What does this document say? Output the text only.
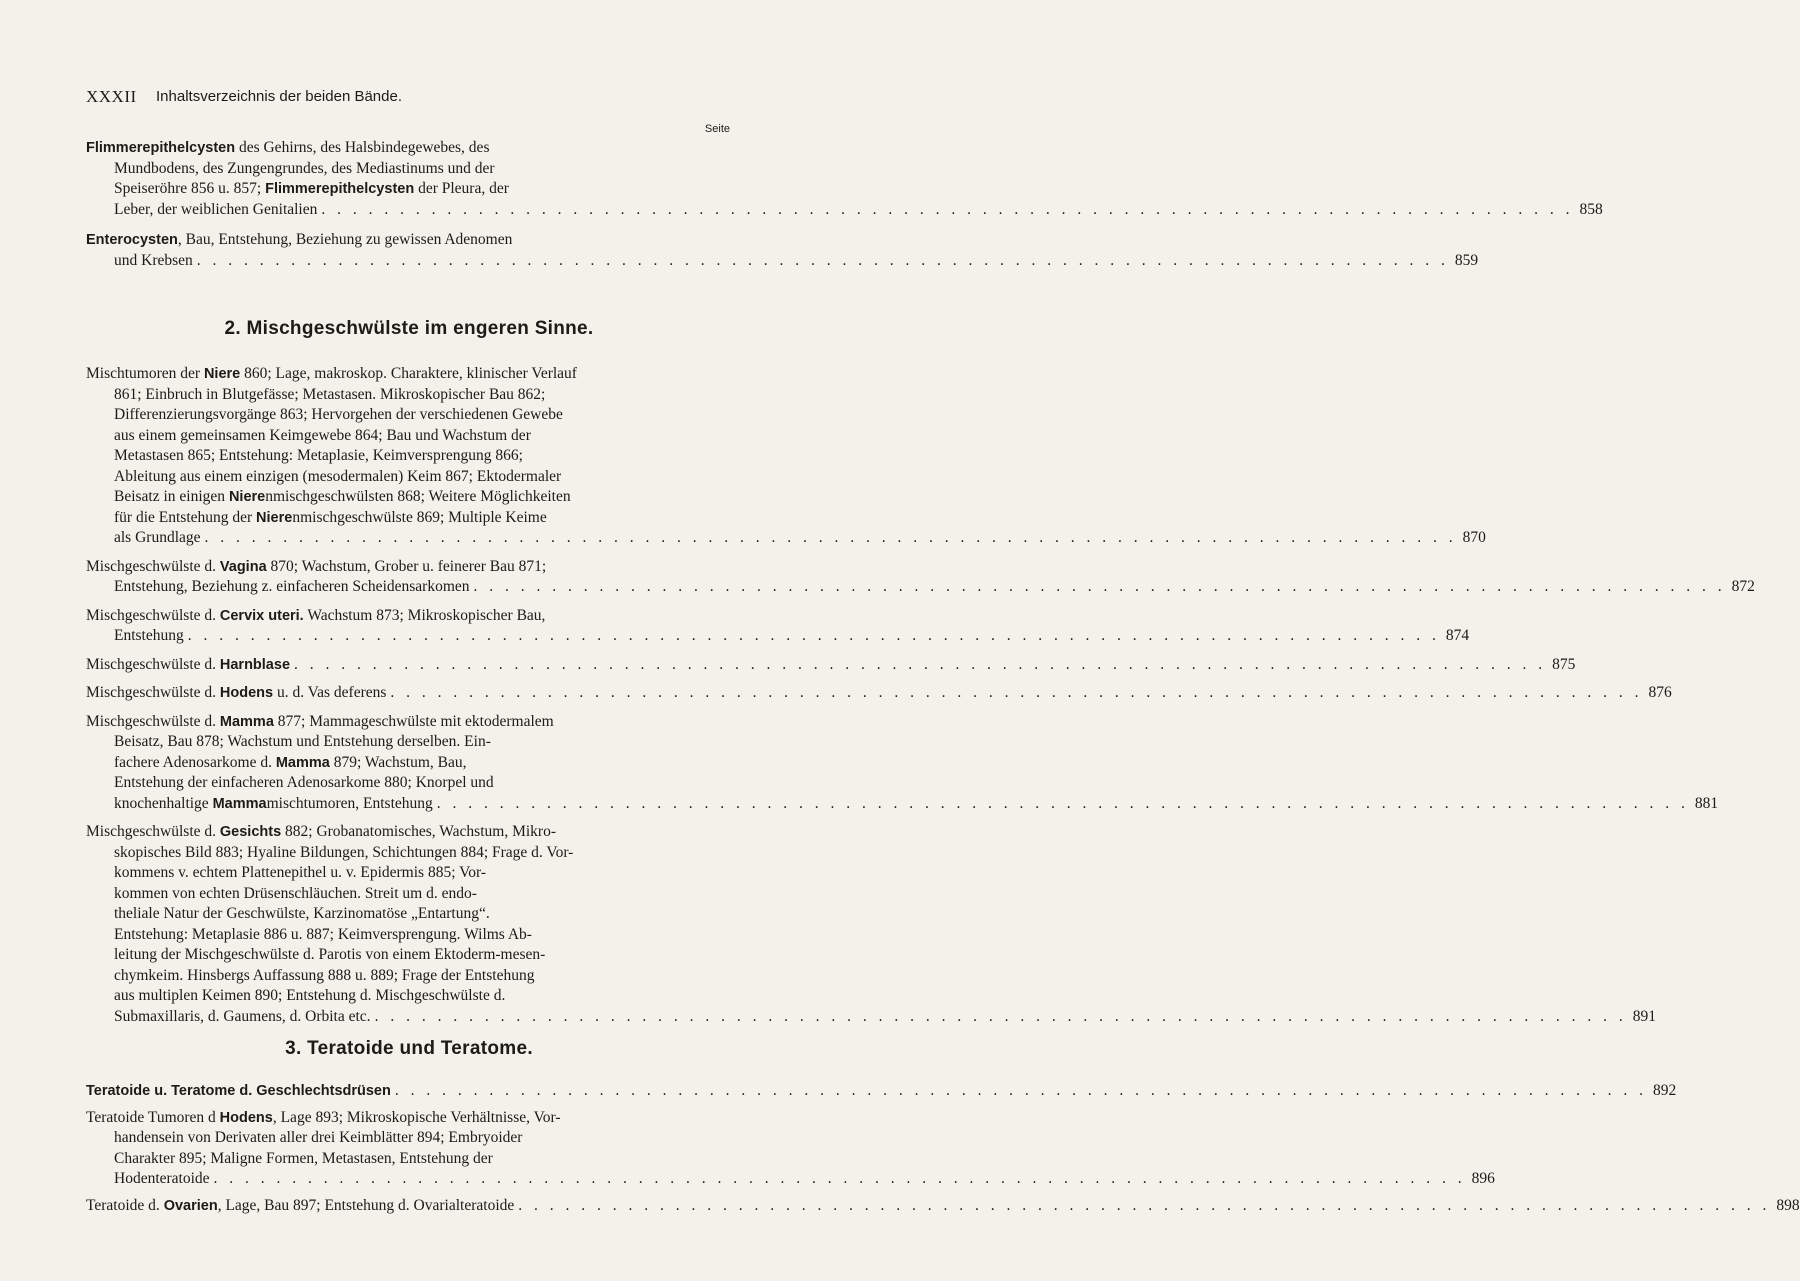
XXXII Inhaltsverzeichnis der beiden Bände.
Seite
Flimmerepithelcysten des Gehirns, des Halsbindegewebes, des
Mundbodens, des Zungengrundes, des Mediastinums und der
Speiseröhre 856 u. 857; Flimmerepithelcysten der Pleura, der
Leber, der weiblichen Genitalien . . . . . . . . . . . . . . . . . . . . . . . . . . . . . . . . . . . . . . . . . . . . . . . . . . . . . . . . . . . . . . . . . . . . . . . . . . . . . . . . 858
Enterocysten, Bau, Entstehung, Beziehung zu gewissen Adenomen
und Krebsen . . . . . . . . . . . . . . . . . . . . . . . . . . . . . . . . . . . . . . . . . . . . . . . . . . . . . . . . . . . . . . . . . . . . . . . . . . . . . . . . 859
2. Mischgeschwülste im engeren Sinne.
Mischtumoren der Niere 860; Lage, makroskop. Charaktere, klinischer Verlauf
861; Einbruch in Blutgefässe; Metastasen. Mikroskopischer Bau 862;
Differenzierungsvorgänge 863; Hervorgehen der verschiedenen Gewebe
aus einem gemeinsamen Keimgewebe 864; Bau und Wachstum der
Metastasen 865; Entstehung: Metaplasie, Keimversprengung 866;
Ableitung aus einem einzigen (mesodermalen) Keim 867; Ektodermaler
Beisatz in einigen Nierenmischgeschwülsten 868; Weitere Möglichkeiten
für die Entstehung der Nierenmischgeschwülste 869; Multiple Keime
als Grundlage . . . . . . . . . . . . . . . . . . . . . . . . . . . . . . . . . . . . . . . . . . . . . . . . . . . . . . . . . . . . . . . . . . . . . . . . . . . . . . . . 870
Mischgeschwülste d. Vagina 870; Wachstum, Grober u. feinerer Bau 871;
Entstehung, Beziehung z. einfacheren Scheidensarkomen . . . . . . . . . . . . . . . . . . . . . . . . . . . . . . . . . . . . . . . . . . . . . . . . . . . . . . . . . . . . . . . . . . . . . . . . . . . . . . . . 872
Mischgeschwülste d. Cervix uteri. Wachstum 873; Mikroskopischer Bau,
Entstehung . . . . . . . . . . . . . . . . . . . . . . . . . . . . . . . . . . . . . . . . . . . . . . . . . . . . . . . . . . . . . . . . . . . . . . . . . . . . . . . . 874
Mischgeschwülste d. Harnblase . . . . . . . . . . . . . . . . . . . . . . . . . . . . . . . . . . . . . . . . . . . . . . . . . . . . . . . . . . . . . . . . . . . . . . . . . . . . . . . . 875
Mischgeschwülste d. Hodens u. d. Vas deferens . . . . . . . . . . . . . . . . . . . . . . . . . . . . . . . . . . . . . . . . . . . . . . . . . . . . . . . . . . . . . . . . . . . . . . . . . . . . . . . . 876
Mischgeschwülste d. Mamma 877; Mammageschwülste mit ektodermalem
Beisatz, Bau 878; Wachstum und Entstehung derselben. Ein-
fachere Adenosarkome d. Mamma 879; Wachstum, Bau,
Entstehung der einfacheren Adenosarkome 880; Knorpel und
knochenhaltige Mammamischtumoren, Entstehung . . . . . . . . . . . . . . . . . . . . . . . . . . . . . . . . . . . . . . . . . . . . . . . . . . . . . . . . . . . . . . . . . . . . . . . . . . . . . . . . 881
Mischgeschwülste d. Gesichts 882; Grobanatomisches, Wachstum, Mikro-
skopisches Bild 883; Hyaline Bildungen, Schichtungen 884; Frage d. Vor-
kommens v. echtem Plattenepithel u. v. Epidermis 885; Vor-
kommen von echten Drüsenschläuchen. Streit um d. endo-
theliale Natur der Geschwülste, Karzinomatöse „Entartung“.
Entstehung: Metaplasie 886 u. 887; Keimversprengung. Wilms Ab-
leitung der Mischgeschwülste d. Parotis von einem Ektoderm-mesen-
chymkeim. Hinsbergs Auffassung 888 u. 889; Frage der Entstehung
aus multiplen Keimen 890; Entstehung d. Mischgeschwülste d.
Submaxillaris, d. Gaumens, d. Orbita etc. . . . . . . . . . . . . . . . . . . . . . . . . . . . . . . . . . . . . . . . . . . . . . . . . . . . . . . . . . . . . . . . . . . . . . . . . . . . . . . . . 891
3. Teratoide und Teratome.
Teratoide u. Teratome d. Geschlechtsdrüsen . . . . . . . . . . . . . . . . . . . . . . . . . . . . . . . . . . . . . . . . . . . . . . . . . . . . . . . . . . . . . . . . . . . . . . . . . . . . . . . . 892
Teratoide Tumoren d Hodens, Lage 893; Mikroskopische Verhältnisse, Vor-
handensein von Derivaten aller drei Keimblätter 894; Embryoider
Charakter 895; Maligne Formen, Metastasen, Entstehung der
Hodenteratoide . . . . . . . . . . . . . . . . . . . . . . . . . . . . . . . . . . . . . . . . . . . . . . . . . . . . . . . . . . . . . . . . . . . . . . . . . . . . . . . . 896
Teratoide d. Ovarien, Lage, Bau 897; Entstehung d. Ovarialteratoide . . . . . . . . . . . . . . . . . . . . . . . . . . . . . . . . . . . . . . . . . . . . . . . . . . . . . . . . . . . . . . . . . . . . . . . . . . . . . . . . 898
